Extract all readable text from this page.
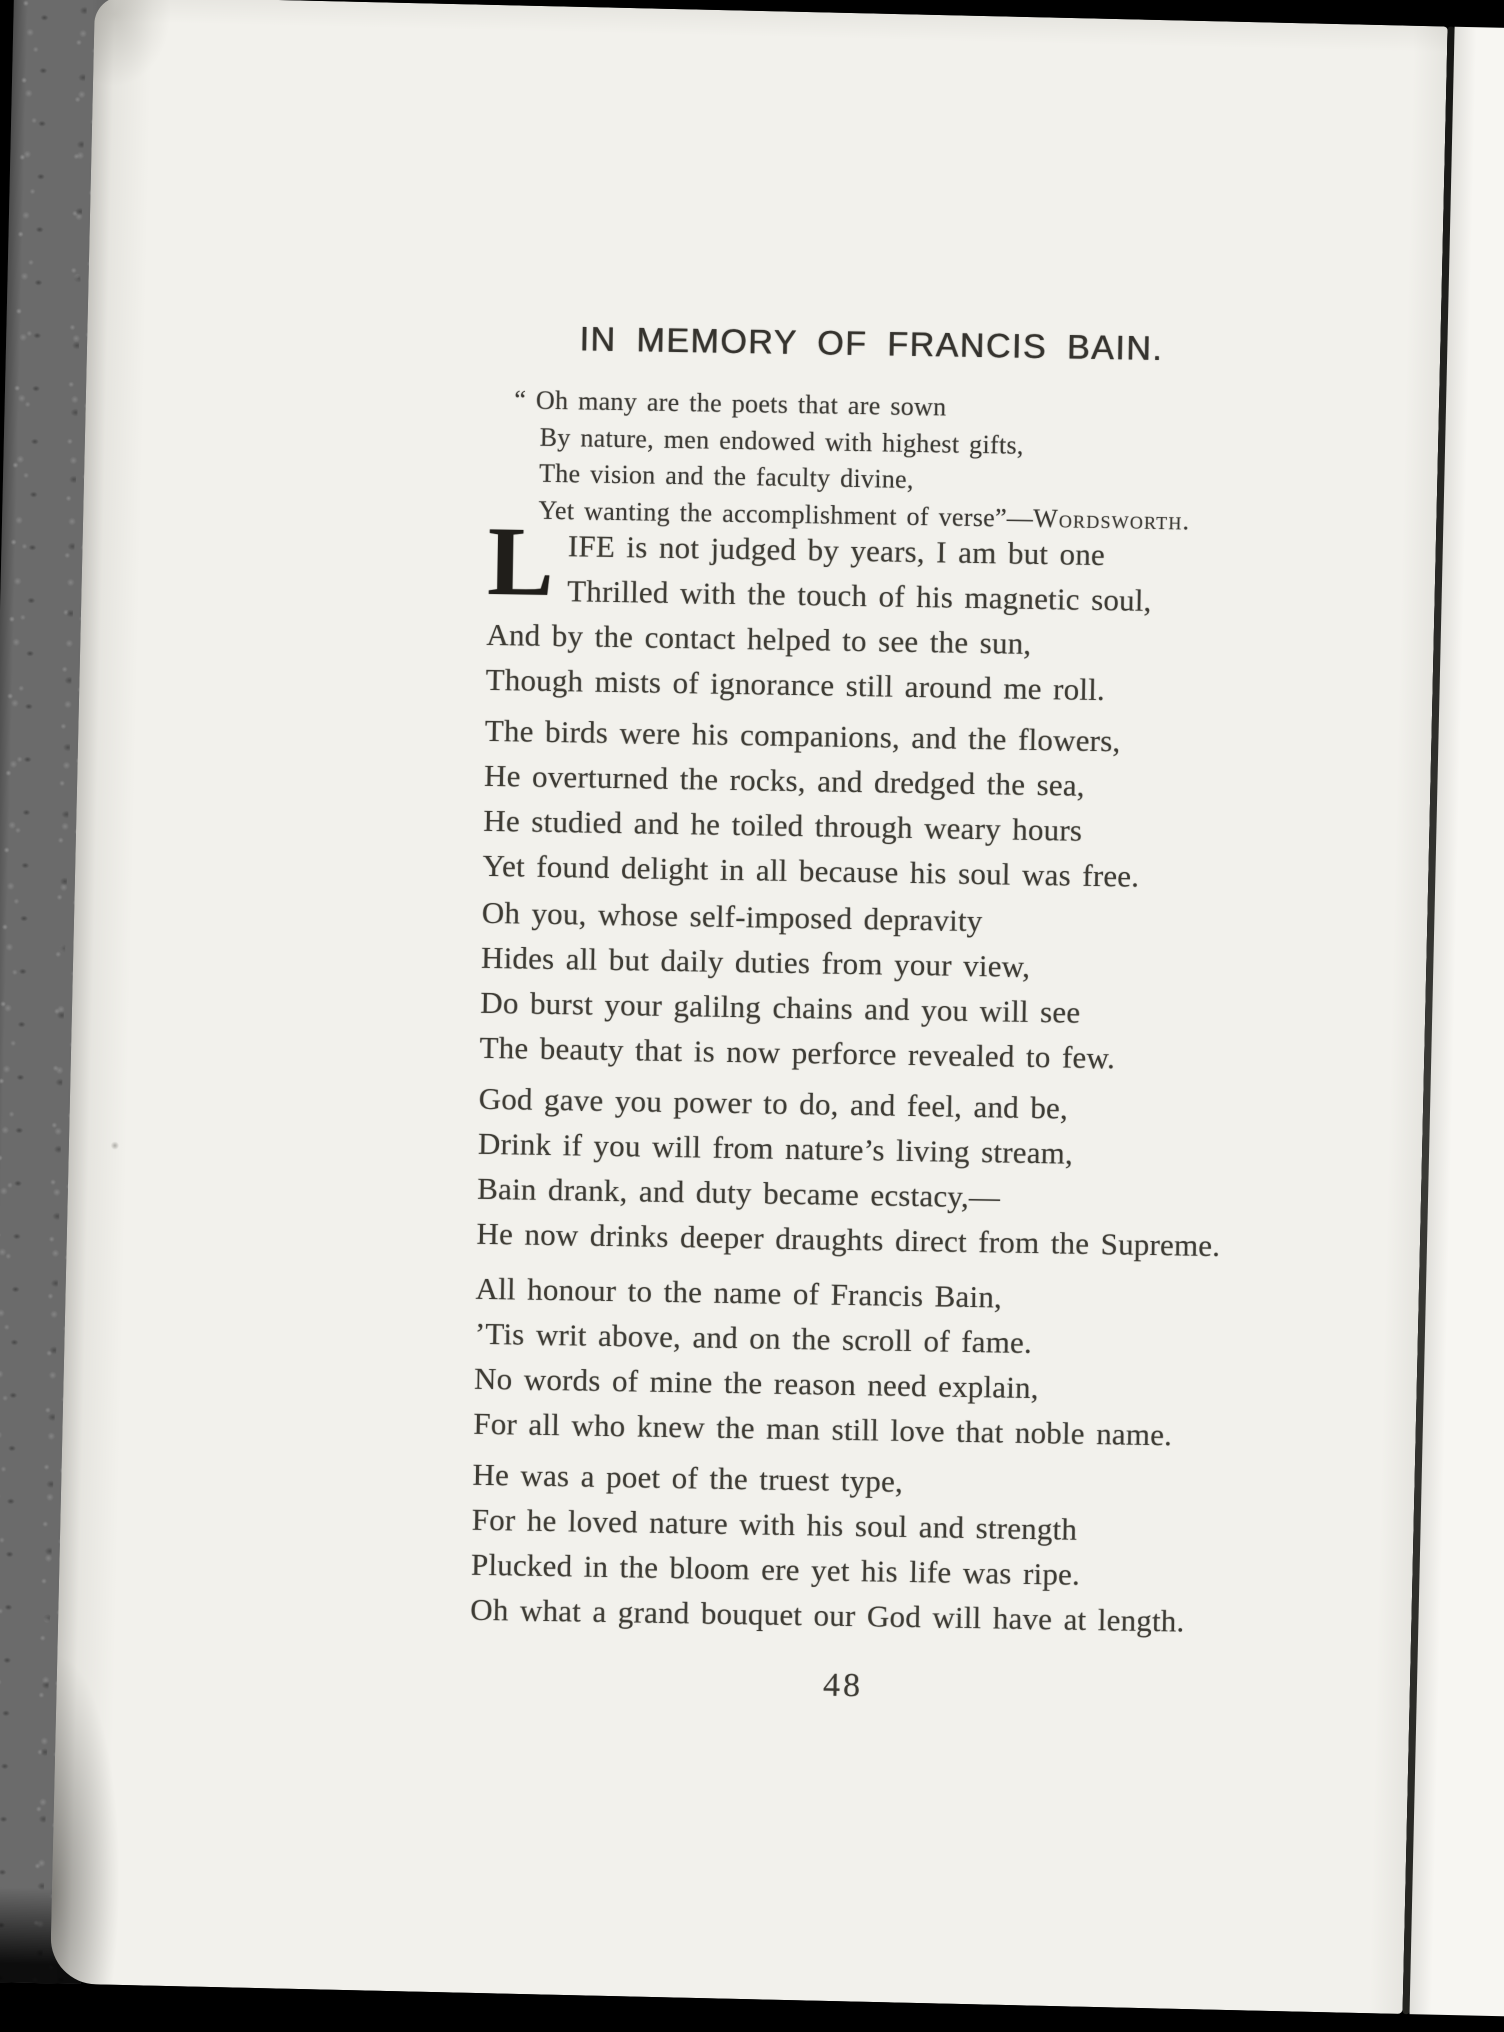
IN MEMORY OF FRANCIS BAIN.
“ Oh many are the poets that are sown
By nature, men endowed with highest gifts,
The vision and the faculty divine,
Yet wanting the accomplishment of verse”—Wordsworth.
L IFE is not judged by years, I am but one
Thrilled with the touch of his magnetic soul,
And by the contact helped to see the sun,
Though mists of ignorance still around me roll.
The birds were his companions, and the flowers,
He overturned the rocks, and dredged the sea,
He studied and he toiled through weary hours
Yet found delight in all because his soul was free.
Oh you, whose self-imposed depravity
Hides all but daily duties from your view,
Do burst your galilng chains and you will see
The beauty that is now perforce revealed to few.
God gave you power to do, and feel, and be,
Drink if you will from nature’s living stream,
Bain drank, and duty became ecstacy,—
He now drinks deeper draughts direct from the Supreme.
All honour to the name of Francis Bain,
’Tis writ above, and on the scroll of fame.
No words of mine the reason need explain,
For all who knew the man still love that noble name.
He was a poet of the truest type,
For he loved nature with his soul and strength
Plucked in the bloom ere yet his life was ripe.
Oh what a grand bouquet our God will have at length.
48
